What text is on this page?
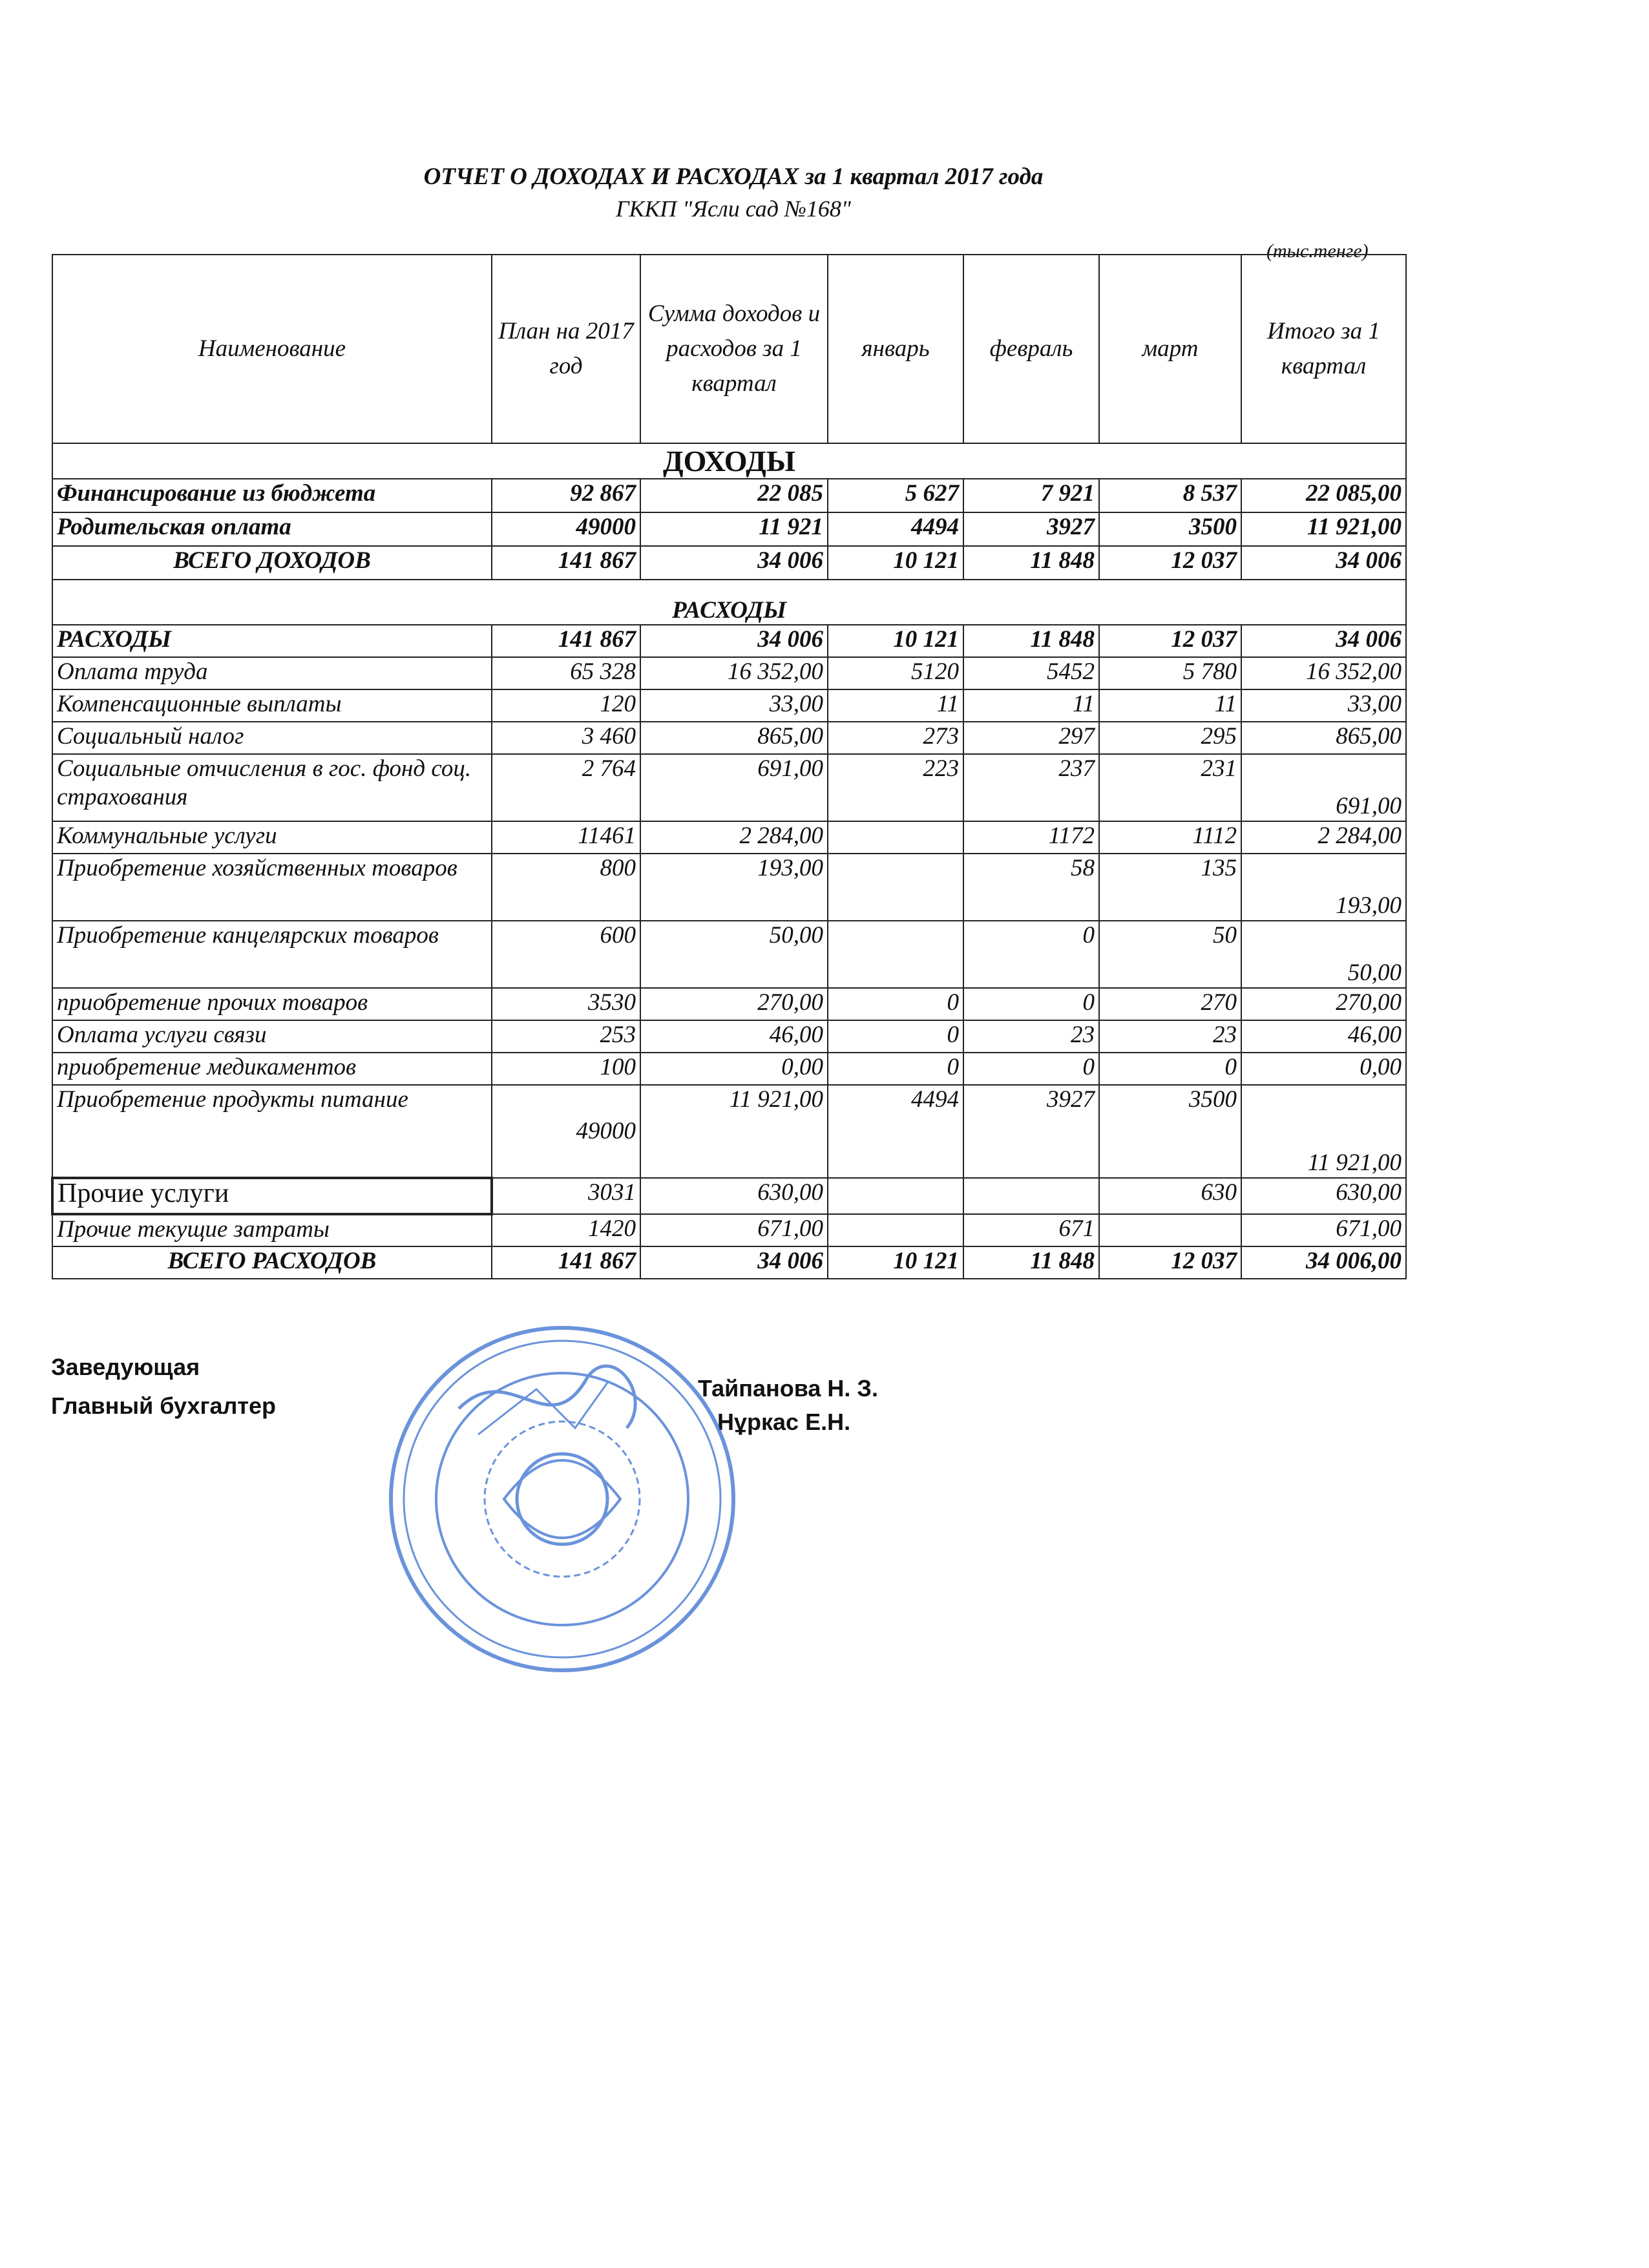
ОТЧЕТ О ДОХОДАХ И РАСХОДАХ за 1 квартал 2017 года
ГККП "Ясли сад №168"
(тыс.тенге)
Наименование	План на 2017 год	Сумма доходов и расходов за 1 квартал	январь	февраль	март	Итого за 1 квартал
ДОХОДЫ						
Финансирование из бюджета	92 867	22 085	5 627	7 921	8 537	22 085,00
Родительская оплата	49000	11 921	4494	3927	3500	11 921,00
ВСЕГО ДОХОДОВ	141 867	34 006	10 121	11 848	12 037	34 006
РАСХОДЫ						
РАСХОДЫ	141 867	34 006	10 121	11 848	12 037	34 006
Оплата труда	65 328	16 352,00	5120	5452	5 780	16 352,00
Компенсационные выплаты	120	33,00	11	11	11	33,00
Социальный налог	3 460	865,00	273	297	295	865,00
Социальные отчисления в гос. фонд соц. страхования	2 764	691,00	223	237	231	691,00
Коммунальные услуги	11461	2 284,00		1172	1112	2 284,00
Приобретение хозяйственных товаров	800	193,00		58	135	193,00
Приобретение канцелярских товаров	600	50,00		0	50	50,00
приобретение прочих товаров	3530	270,00	0	0	270	270,00
Оплата услуги связи	253	46,00	0	23	23	46,00
приобретение медикаментов	100	0,00	0	0	0	0,00
Приобретение продукты питание	49000	11 921,00	4494	3927	3500	11 921,00
Прочие услуги	3031	630,00			630	630,00
Прочие текущие затраты	1420	671,00		671		671,00
ВСЕГО РАСХОДОВ	141 867	34 006	10 121	11 848	12 037	34 006,00
Заведующая
Тайпанова Н. З.
Главный бухгалтер
Нұркас Е.Н.
